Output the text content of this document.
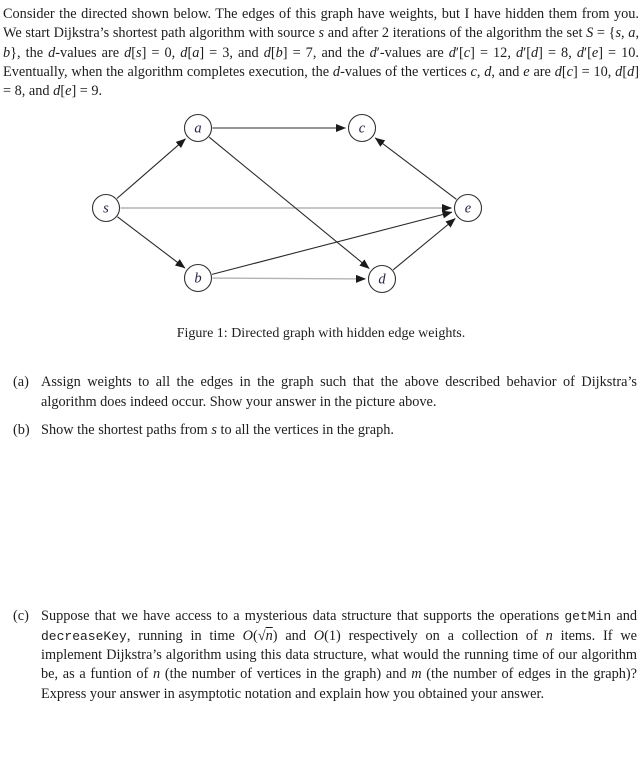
Consider the directed shown below. The edges of this graph have weights, but I have hidden them from you. We start Dijkstra’s shortest path algorithm with source s and after 2 iterations of the algorithm the set S = {s, a, b}, the d-values are d[s] = 0, d[a] = 3, and d[b] = 7, and the d′-values are d′[c] = 12, d′[d] = 8, d′[e] = 10. Eventually, when the algorithm completes execution, the d-values of the vertices c, d, and e are d[c] = 10, d[d] = 8, and d[e] = 9.

s
a
b
c
d
e
Figure 1: Directed graph with hidden edge weights.
(a) Assign weights to all the edges in the graph such that the above described behavior of Dijkstra’s algorithm does indeed occur. Show your answer in the picture above.
(b) Show the shortest paths from s to all the vertices in the graph.
(c) Suppose that we have access to a mysterious data structure that supports the operations getMin and decreaseKey, running in time O(√n) and O(1) respectively on a collection of n items. If we implement Dijkstra’s algorithm using this data structure, what would the running time of our algorithm be, as a funtion of n (the number of vertices in the graph) and m (the number of edges in the graph)? Express your answer in asymptotic notation and explain how you obtained your answer.
